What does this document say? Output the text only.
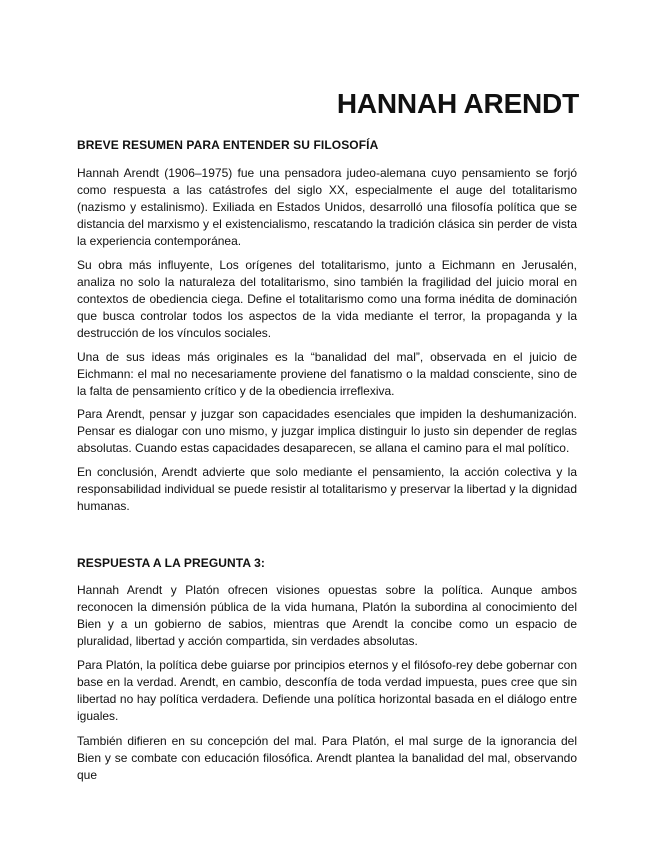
HANNAH ARENDT
BREVE RESUMEN PARA ENTENDER SU FILOSOFÍA

Hannah Arendt (1906–1975) fue una pensadora judeo-alemana cuyo pensamiento se forjó como respuesta a las catástrofes del siglo XX, especialmente el auge del totalitarismo (nazismo y estalinismo). Exiliada en Estados Unidos, desarrolló una filosofía política que se distancia del marxismo y el existencialismo, rescatando la tradición clásica sin perder de vista la experiencia contemporánea.

Su obra más influyente, Los orígenes del totalitarismo, junto a Eichmann en Jerusalén, analiza no solo la naturaleza del totalitarismo, sino también la fragilidad del juicio moral en contextos de obediencia ciega. Define el totalitarismo como una forma inédita de dominación que busca controlar todos los aspectos de la vida mediante el terror, la propaganda y la destrucción de los vínculos sociales.

Una de sus ideas más originales es la “banalidad del mal”, observada en el juicio de Eichmann: el mal no necesariamente proviene del fanatismo o la maldad consciente, sino de la falta de pensamiento crítico y de la obediencia irreflexiva.

Para Arendt, pensar y juzgar son capacidades esenciales que impiden la deshumanización. Pensar es dialogar con uno mismo, y juzgar implica distinguir lo justo sin depender de reglas absolutas. Cuando estas capacidades desaparecen, se allana el camino para el mal político.

En conclusión, Arendt advierte que solo mediante el pensamiento, la acción colectiva y la responsabilidad individual se puede resistir al totalitarismo y preservar la libertad y la dignidad humanas.

RESPUESTA A LA PREGUNTA 3:

Hannah Arendt y Platón ofrecen visiones opuestas sobre la política. Aunque ambos reconocen la dimensión pública de la vida humana, Platón la subordina al conocimiento del Bien y a un gobierno de sabios, mientras que Arendt la concibe como un espacio de pluralidad, libertad y acción compartida, sin verdades absolutas.

Para Platón, la política debe guiarse por principios eternos y el filósofo-rey debe gobernar con base en la verdad. Arendt, en cambio, desconfía de toda verdad impuesta, pues cree que sin libertad no hay política verdadera. Defiende una política horizontal basada en el diálogo entre iguales.

También difieren en su concepción del mal. Para Platón, el mal surge de la ignorancia del Bien y se combate con educación filosófica. Arendt plantea la banalidad del mal, observando que
